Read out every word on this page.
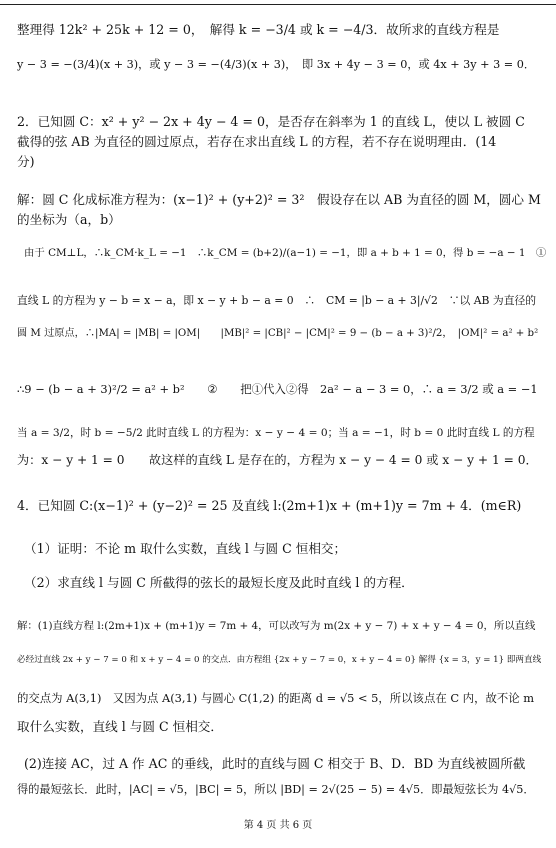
整理得 12k² + 25k + 12 = 0，　解得 k = −3/4 或 k = −4/3．故所求的直线方程是
y − 3 = −(3/4)(x + 3)，或 y − 3 = −(4/3)(x + 3)，　即 3x + 4y − 3 = 0，或 4x + 3y + 3 = 0．
2．已知圆 C：x² + y² − 2x + 4y − 4 = 0，是否存在斜率为 1 的直线 L，使以 L 被圆 C
截得的弦 AB 为直径的圆过原点，若存在求出直线 L 的方程，若不存在说明理由．(14
分)
解：圆 C 化成标准方程为：(x−1)² + (y+2)² = 3²　假设存在以 AB 为直径的圆 M，圆心 M
的坐标为（a，b）
由于 CM⊥L，∴k_CM·k_L = −1　∴k_CM = (b+2)/(a−1) = −1，即 a + b + 1 = 0，得 b = −a − 1　①
直线 L 的方程为 y − b = x − a，即 x − y + b − a = 0　∴　CM = |b − a + 3|/√2　∵以 AB 为直径的
圆 M 过原点，∴|MA| = |MB| = |OM|　　|MB|² = |CB|² − |CM|² = 9 − (b − a + 3)²/2，　|OM|² = a² + b²
∴9 − (b − a + 3)²/2 = a² + b²　　②　　把①代入②得　2a² − a − 3 = 0，∴ a = 3/2 或 a = −1
当 a = 3/2，时 b = −5/2 此时直线 L 的方程为：x − y − 4 = 0；当 a = −1，时 b = 0 此时直线 L 的方程
为：x − y + 1 = 0　　故这样的直线 L 是存在的，方程为 x − y − 4 = 0 或 x − y + 1 = 0．
4．已知圆 C:(x−1)² + (y−2)² = 25 及直线 l:(2m+1)x + (m+1)y = 7m + 4．(m∈R)
（1）证明：不论 m 取什么实数，直线 l 与圆 C 恒相交；
（2）求直线 l 与圆 C 所截得的弦长的最短长度及此时直线 l 的方程．
解：(1)直线方程 l:(2m+1)x + (m+1)y = 7m + 4，可以改写为 m(2x + y − 7) + x + y − 4 = 0，所以直线
必经过直线 2x + y − 7 = 0 和 x + y − 4 = 0 的交点．由方程组 {2x + y − 7 = 0，x + y − 4 = 0} 解得 {x = 3，y = 1} 即两直线
的交点为 A(3,1)　又因为点 A(3,1) 与圆心 C(1,2) 的距离 d = √5 < 5，所以该点在 C 内，故不论 m
取什么实数，直线 l 与圆 C 恒相交．
(2)连接 AC，过 A 作 AC 的垂线，此时的直线与圆 C 相交于 B、D．BD 为直线被圆所截
得的最短弦长．此时，|AC| = √5，|BC| = 5，所以 |BD| = 2√(25 − 5) = 4√5．即最短弦长为 4√5．
第 4 页 共 6 页
